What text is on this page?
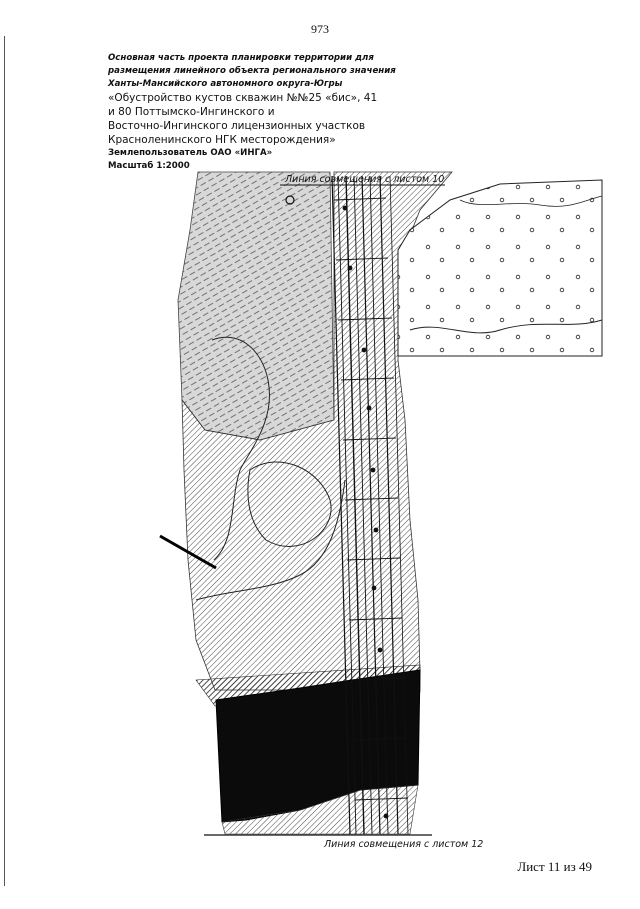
973
Основная часть проекта планировки территории для
размещения линейного объекта регионального значения
Ханты-Мансийского автономного округа-Югры
«Обустройство кустов скважин №№25 «бис», 41
и 80 Поттымско-Ингинского и
Восточно-Ингинского лицензионных участков
Красноленинского НГК месторождения»
Землепользователь ОАО «ИНГА»
Масштаб 1:2000
Линия совмещения с листом 10
Линия совмещения с листом 12
Лист 11 из 49
